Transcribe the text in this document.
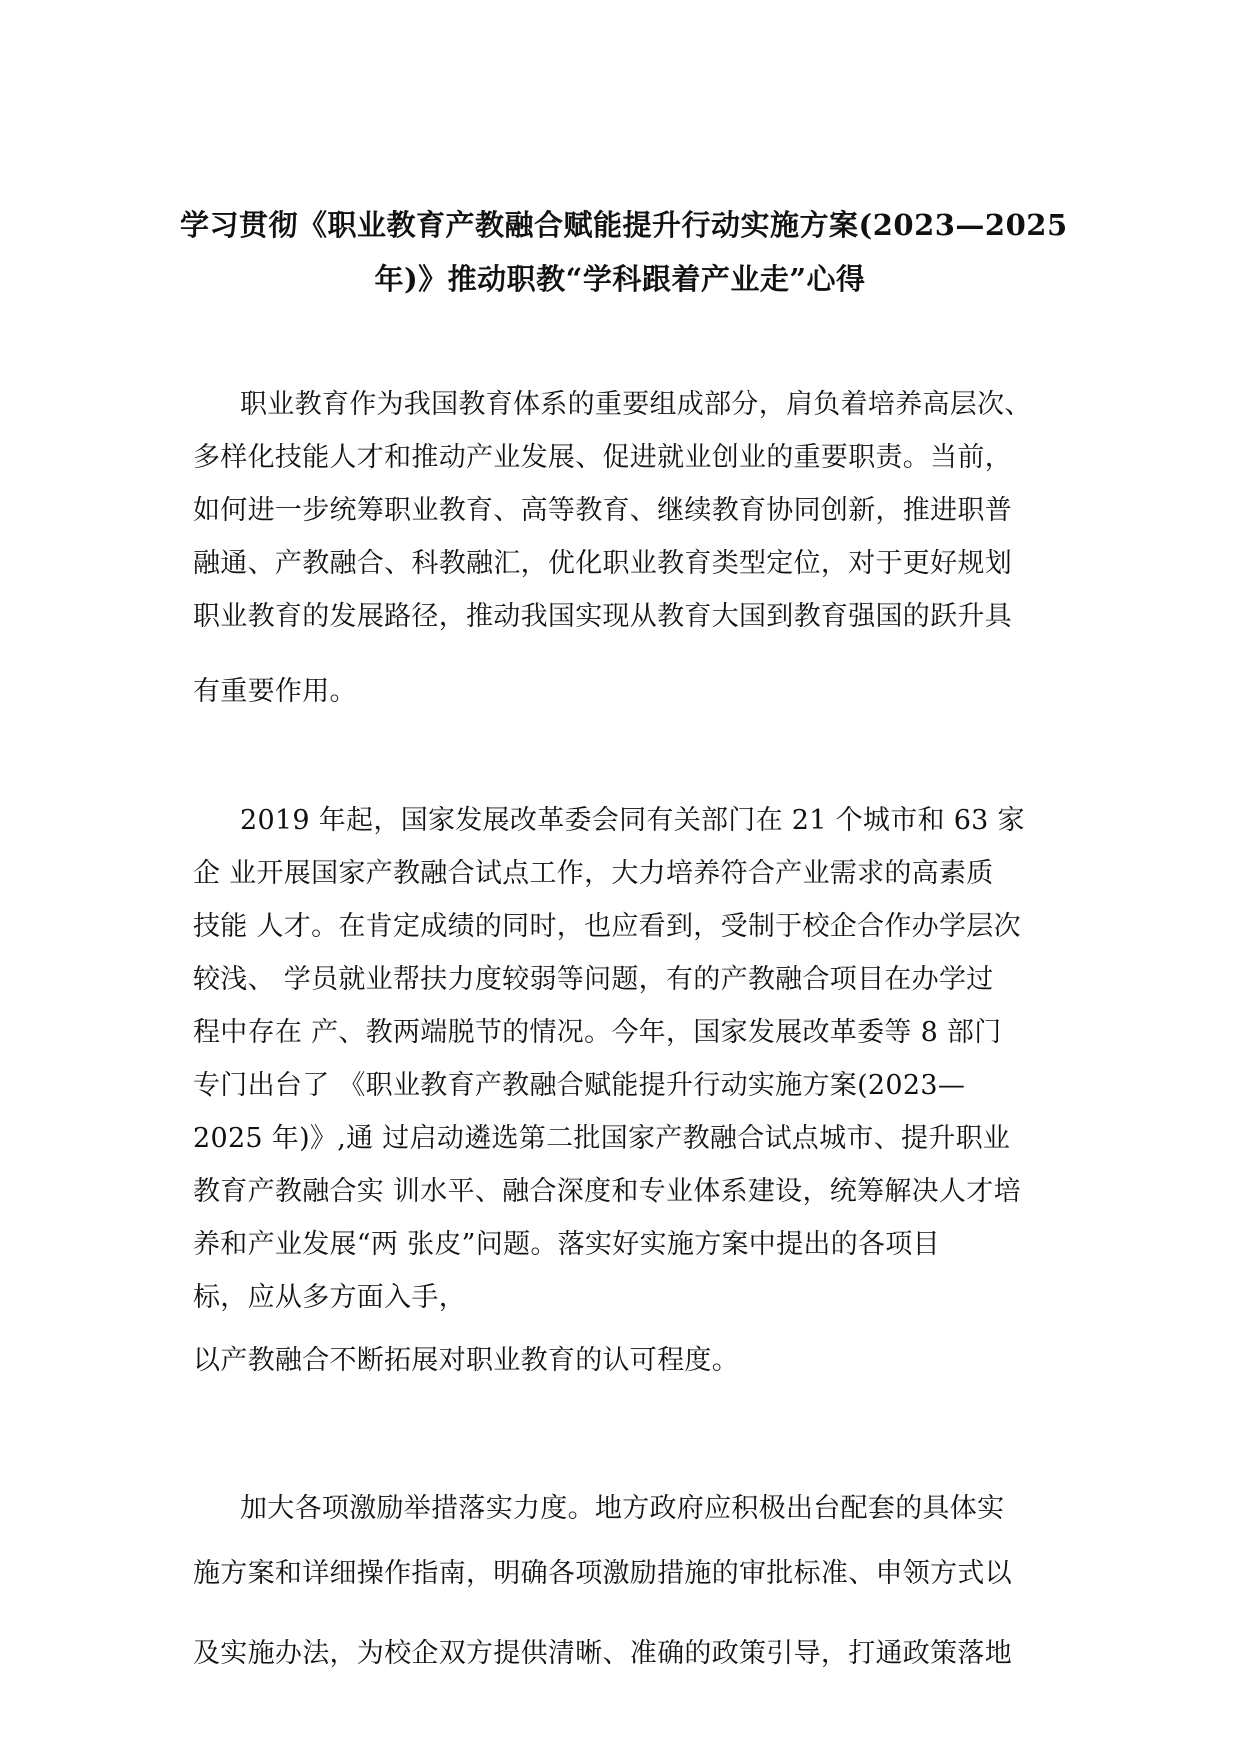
学习贯彻《职业教育产教融合赋能提升行动实施方案(2023—2025
年)》推动职教“学科跟着产业走”心得
职业教育作为我国教育体系的重要组成部分，肩负着培养高层次、
多样化技能人才和推动产业发展、促进就业创业的重要职责。当前，
如何进一步统筹职业教育、高等教育、继续教育协同创新，推进职普
融通、产教融合、科教融汇，优化职业教育类型定位，对于更好规划
职业教育的发展路径，推动我国实现从教育大国到教育强国的跃升具
有重要作用。
2019 年起，国家发展改革委会同有关部门在 21 个城市和 63 家
企 业开展国家产教融合试点工作，大力培养符合产业需求的高素质
技能 人才。在肯定成绩的同时，也应看到，受制于校企合作办学层次
较浅、 学员就业帮扶力度较弱等问题，有的产教融合项目在办学过
程中存在 产、教两端脱节的情况。今年，国家发展改革委等 8 部门
专门出台了 《职业教育产教融合赋能提升行动实施方案(2023—
2025 年)》,通 过启动遴选第二批国家产教融合试点城市、提升职业
教育产教融合实 训水平、融合深度和专业体系建设，统筹解决人才培
养和产业发展“两 张皮”问题。落实好实施方案中提出的各项目
标，应从多方面入手，
以产教融合不断拓展对职业教育的认可程度。
加大各项激励举措落实力度。地方政府应积极出台配套的具体实
施方案和详细操作指南，明确各项激励措施的审批标准、申领方式以
及实施办法，为校企双方提供清晰、准确的政策引导，打通政策落地
